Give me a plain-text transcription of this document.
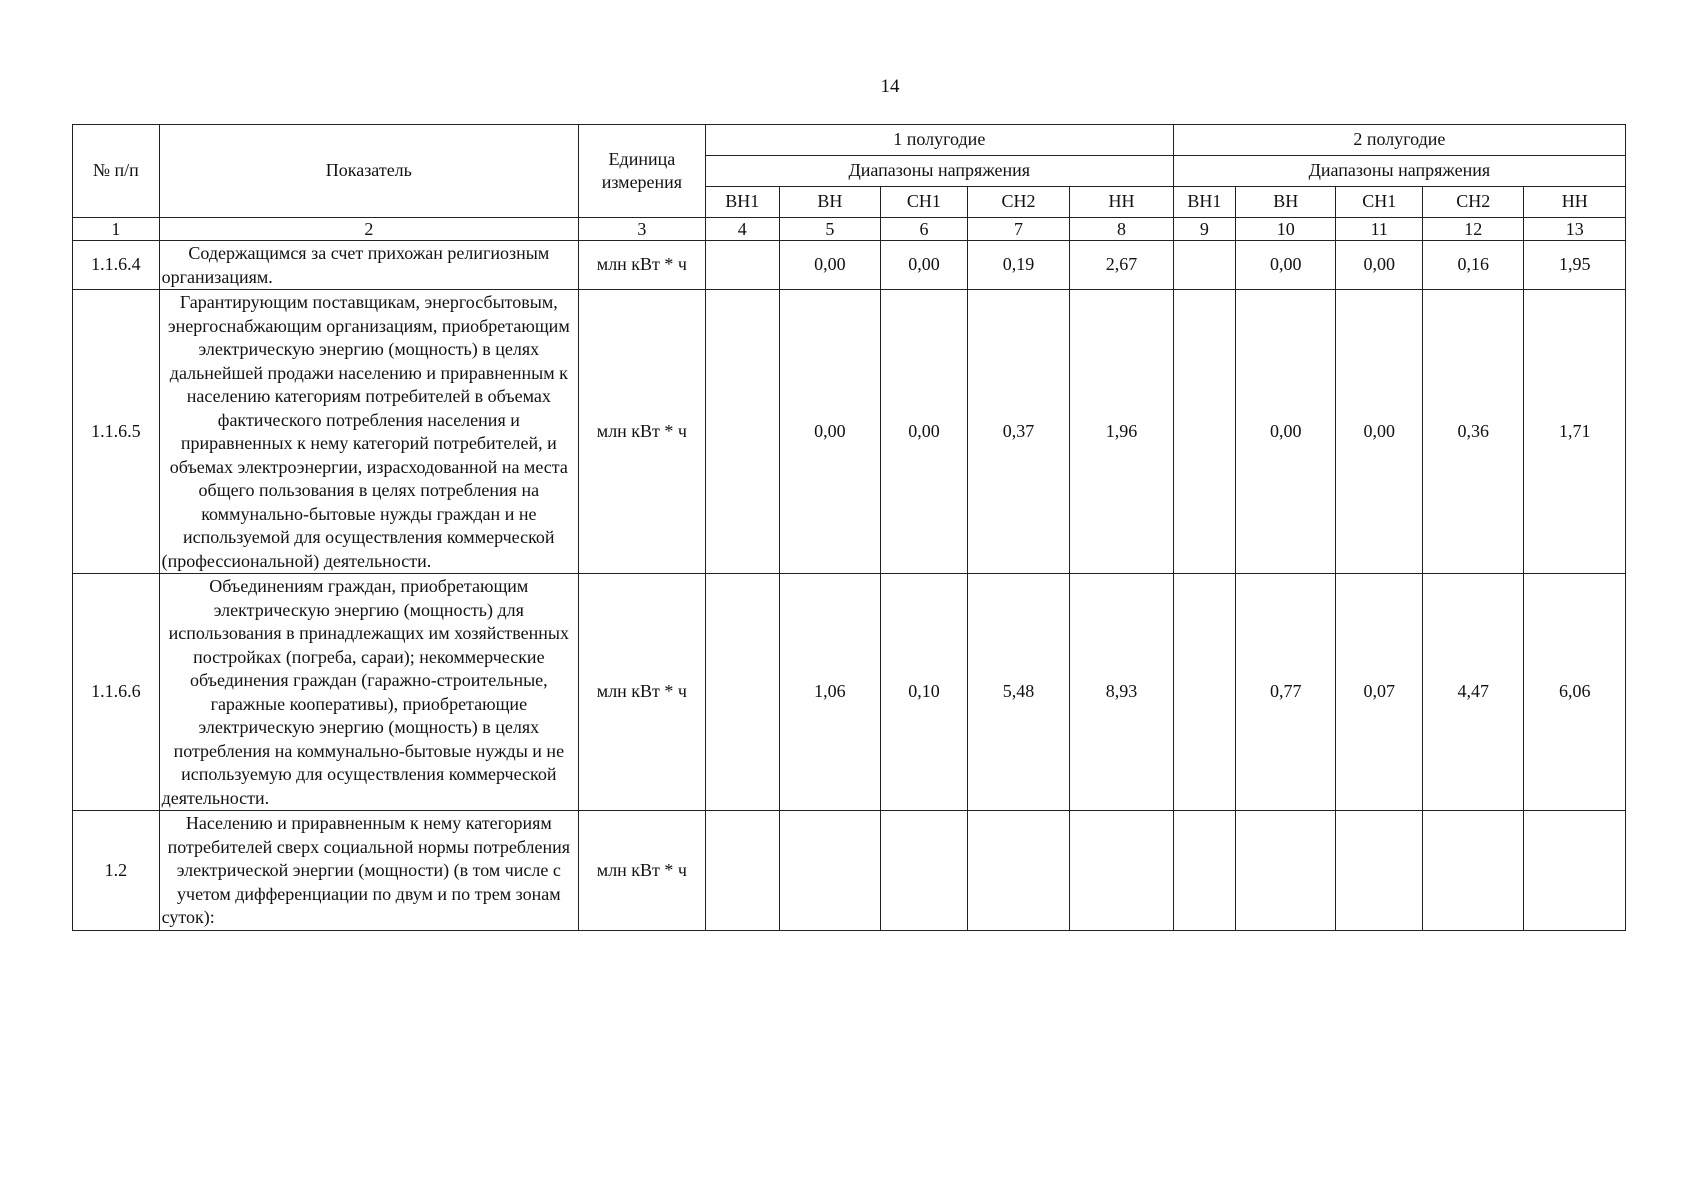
14
№ п/п	Показатель	Единица измерения	1 полугодие					2 полугодие				
			Диапазоны напряжения					Диапазоны напряжения				
			ВН1	ВН	СН1	СН2	НН	ВН1	ВН	СН1	СН2	НН
1	2	3	4	5	6	7	8	9	10	11	12	13
1.1.6.4	Содержащимся за счет прихожан религиозным организациям.	млн кВт * ч		0,00	0,00	0,19	2,67		0,00	0,00	0,16	1,95
1.1.6.5	Гарантирующим поставщикам, энергосбытовым, энергоснабжающим организациям, приобретающим электрическую энергию (мощность) в целях дальнейшей продажи населению и приравненным к населению категориям потребителей в объемах фактического потребления населения и приравненных к нему категорий потребителей, и объемах электроэнергии, израсходованной на места общего пользования в целях потребления на коммунально-бытовые нужды граждан и не используемой для осуществления коммерческой (профессиональной) деятельности.	млн кВт * ч		0,00	0,00	0,37	1,96		0,00	0,00	0,36	1,71
1.1.6.6	Объединениям граждан, приобретающим электрическую энергию (мощность) для использования в принадлежащих им хозяйственных постройках (погреба, сараи); некоммерческие объединения граждан (гаражно-строительные, гаражные кооперативы), приобретающие электрическую энергию (мощность) в целях потребления на коммунально-бытовые нужды и не используемую для осуществления коммерческой деятельности.	млн кВт * ч		1,06	0,10	5,48	8,93		0,77	0,07	4,47	6,06
1.2	Населению и приравненным к нему категориям потребителей сверх социальной нормы потребления электрической энергии (мощности) (в том числе с учетом дифференциации по двум и по трем зонам суток):	млн кВт * ч										
